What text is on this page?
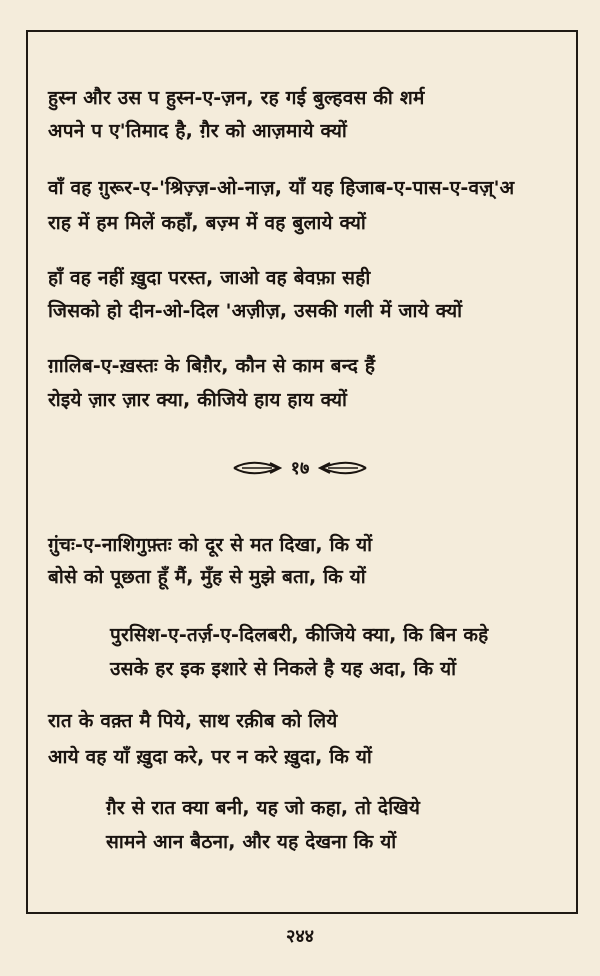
हुस्न और उस प हुस्न-ए-ज़न, रह गई बुल्हवस की शर्म
अपने प ए'तिमाद है, ग़ैर को आज़माये क्यों
वाँ वह ग़ुरूर-ए-'श्रिज़्ज़-ओ-नाज़, याँ यह हिजाब-ए-पास-ए-वज़्'अ
राह में हम मिलें कहाँ, बज़्म में वह बुलाये क्यों
हाँ वह नहीं ख़ुदा परस्त, जाओ वह बेवफ़ा सही
जिसको हो दीन-ओ-दिल 'अज़ीज़, उसकी गली में जाये क्यों
ग़ालिब-ए-ख़स्तः के बिग़ैर, कौन से काम बन्द हैं
रोइये ज़ार ज़ार क्या, कीजिये हाय हाय क्यों
१७
ग़ुंचः-ए-नाशिगुफ़्तः को दूर से मत दिखा, कि यों
बोसे को पूछता हूँ मैं, मुँह से मुझे बता, कि यों
पुरसिश-ए-तर्ज़-ए-दिलबरी, कीजिये क्या, कि बिन कहे
उसके हर इक इशारे से निकले है यह अदा, कि यों
रात के वक़्त मै पिये, साथ रक़ीब को लिये
आये वह याँ ख़ुदा करे, पर न करे ख़ुदा, कि यों
ग़ैर से रात क्या बनी, यह जो कहा, तो देखिये
सामने आन बैठना, और यह देखना कि यों
२४४
